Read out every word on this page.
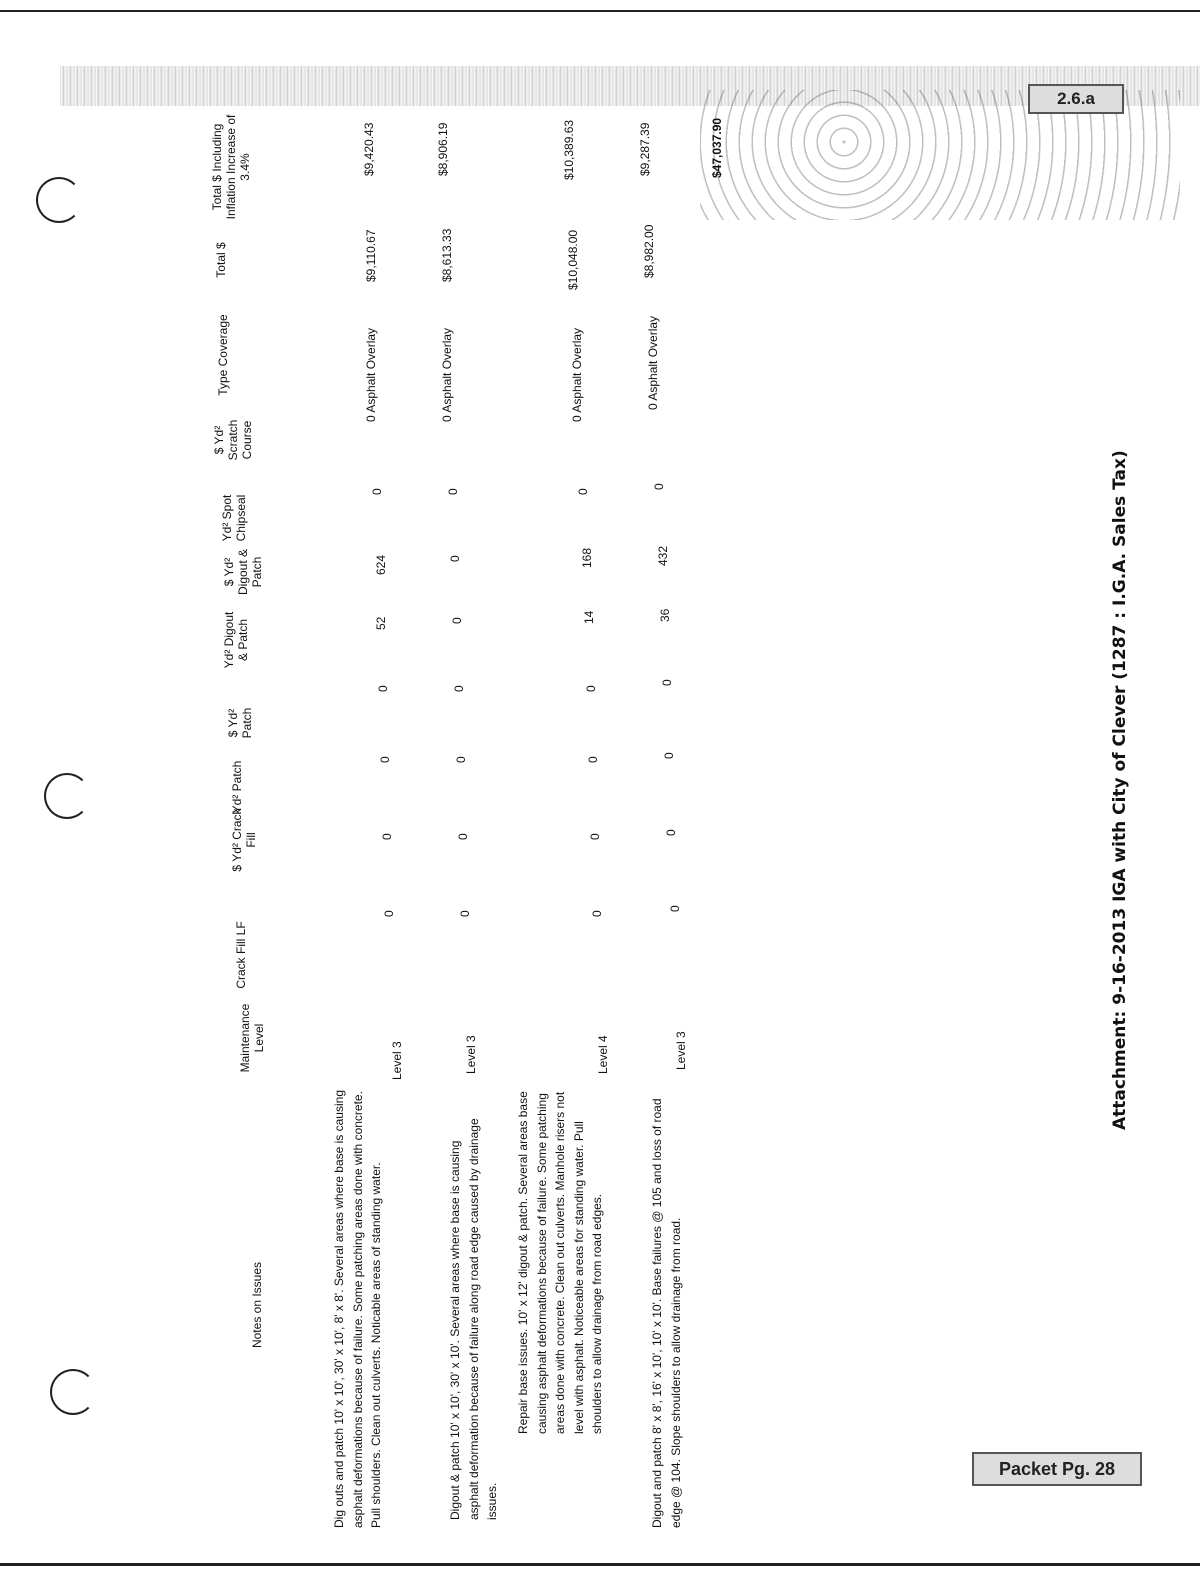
2.6.a
Packet Pg. 28
Attachment: 9-16-2013 IGA with City of Clever (1287 : I.G.A. Sales Tax)
Notes on Issues
Maintenance Level
Crack Fill LF
$ Yd² Crack Fill
Yd² Patch
$ Yd² Patch
Yd² Digout & Patch
$ Yd² Digout & Patch
Yd² Spot Chipseal
$ Yd² Scratch Course
Type Coverage
Total $
Total $ Including Inflation Increase of 3.4%
Dig outs and patch 10' x 10', 30' x 10', 8' x 8'. Several areas where base is causing asphalt deformations because of failure. Some patching areas done with concrete. Pull shoulders. Clean out culverts. Noticable areas of standing water.
Level 3
0
0
0
0
52
624
0
0 Asphalt Overlay
$9,110.67
$9,420.43
Digout & patch 10' x 10', 30' x 10'. Several areas where base is causing asphalt deformation because of failure along road edge caused by drainage issues.
Level 3
0
0
0
0
0
0
0
0 Asphalt Overlay
$8,613.33
$8,906.19
Repair base issues. 10' x 12' digout & patch. Several areas base causing asphalt deformations because of failure. Some patching areas done with concrete. Clean out culverts. Manhole risers not level with asphalt. Noticeable areas for standing water. Pull shoulders to allow drainage from road edges.
Level 4
0
0
0
0
14
168
0
0 Asphalt Overlay
$10,048.00
$10,389.63
Digout and patch 8' x 8', 16' x 10', 10' x 10'. Base failures @ 105 and loss of road edge @ 104. Slope shoulders to allow drainage from road.
Level 3
0
0
0
0
36
432
0
0 Asphalt Overlay
$8,982.00
$9,287.39	$47,037.90
